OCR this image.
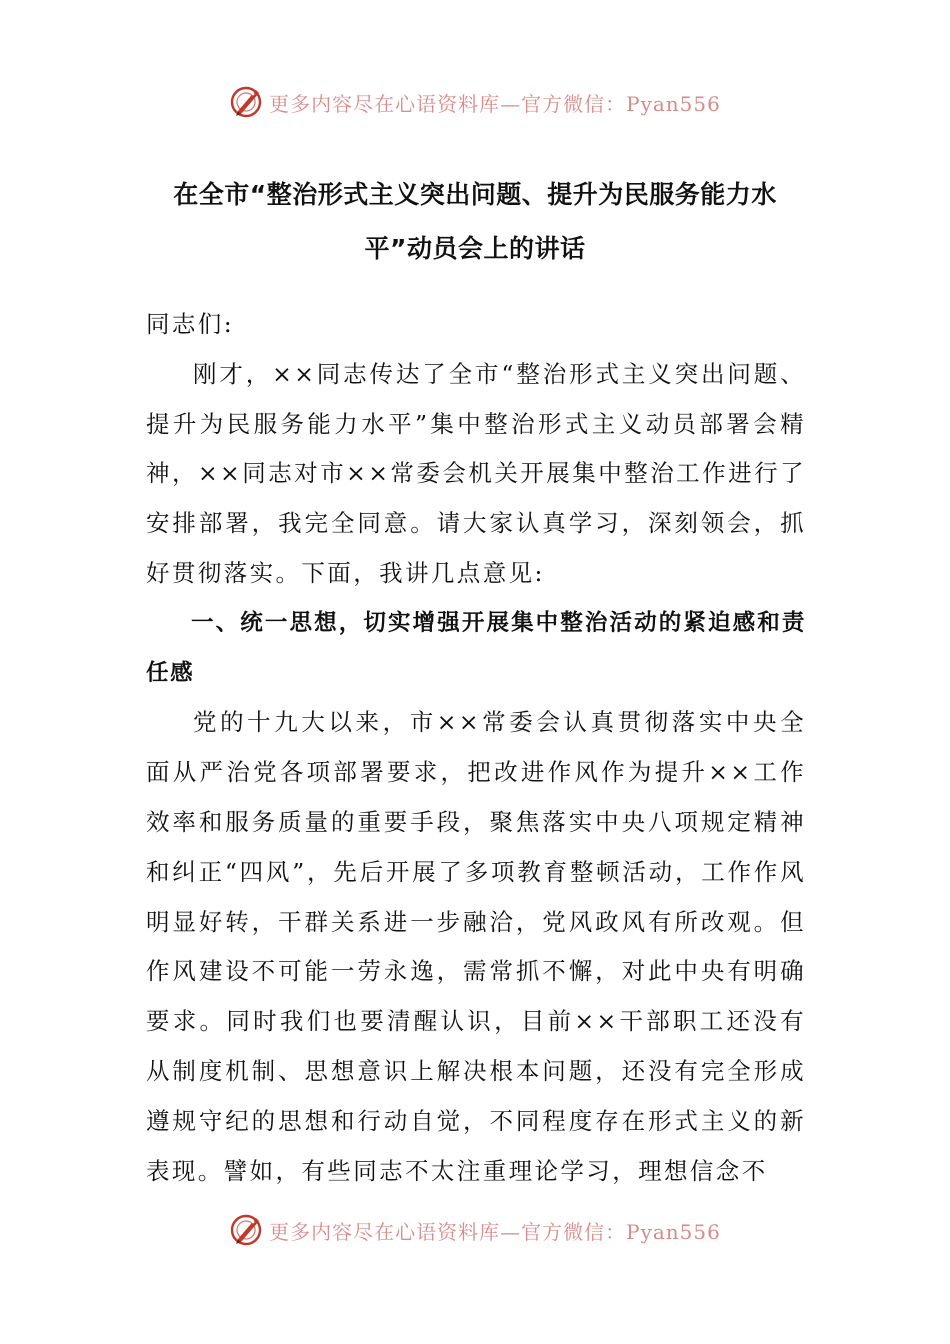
更多内容尽在心语资料库—官方微信：Pyan556
在全市“整治形式主义突出问题、提升为民服务能力水平”动员会上的讲话

同志们:

刚才，××同志传达了全市“整治形式主义突出问题、提升为民服务能力水平”集中整治形式主义动员部署会精神，××同志对市××常委会机关开展集中整治工作进行了安排部署，我完全同意。请大家认真学习，深刻领会，抓好贯彻落实。下面，我讲几点意见:

一、统一思想，切实增强开展集中整治活动的紧迫感和责任感

党的十九大以来，市××常委会认真贯彻落实中央全面从严治党各项部署要求，把改进作风作为提升××工作效率和服务质量的重要手段，聚焦落实中央八项规定精神和纠正“四风”，先后开展了多项教育整顿活动，工作作风明显好转，干群关系进一步融洽，党风政风有所改观。但作风建设不可能一劳永逸，需常抓不懈，对此中央有明确要求。同时我们也要清醒认识，目前××干部职工还没有从制度机制、思想意识上解决根本问题，还没有完全形成遵规守纪的思想和行动自觉，不同程度存在形式主义的新表现。譬如，有些同志不太注重理论学习，理想信念不

更多内容尽在心语资料库—官方微信：Pyan556
